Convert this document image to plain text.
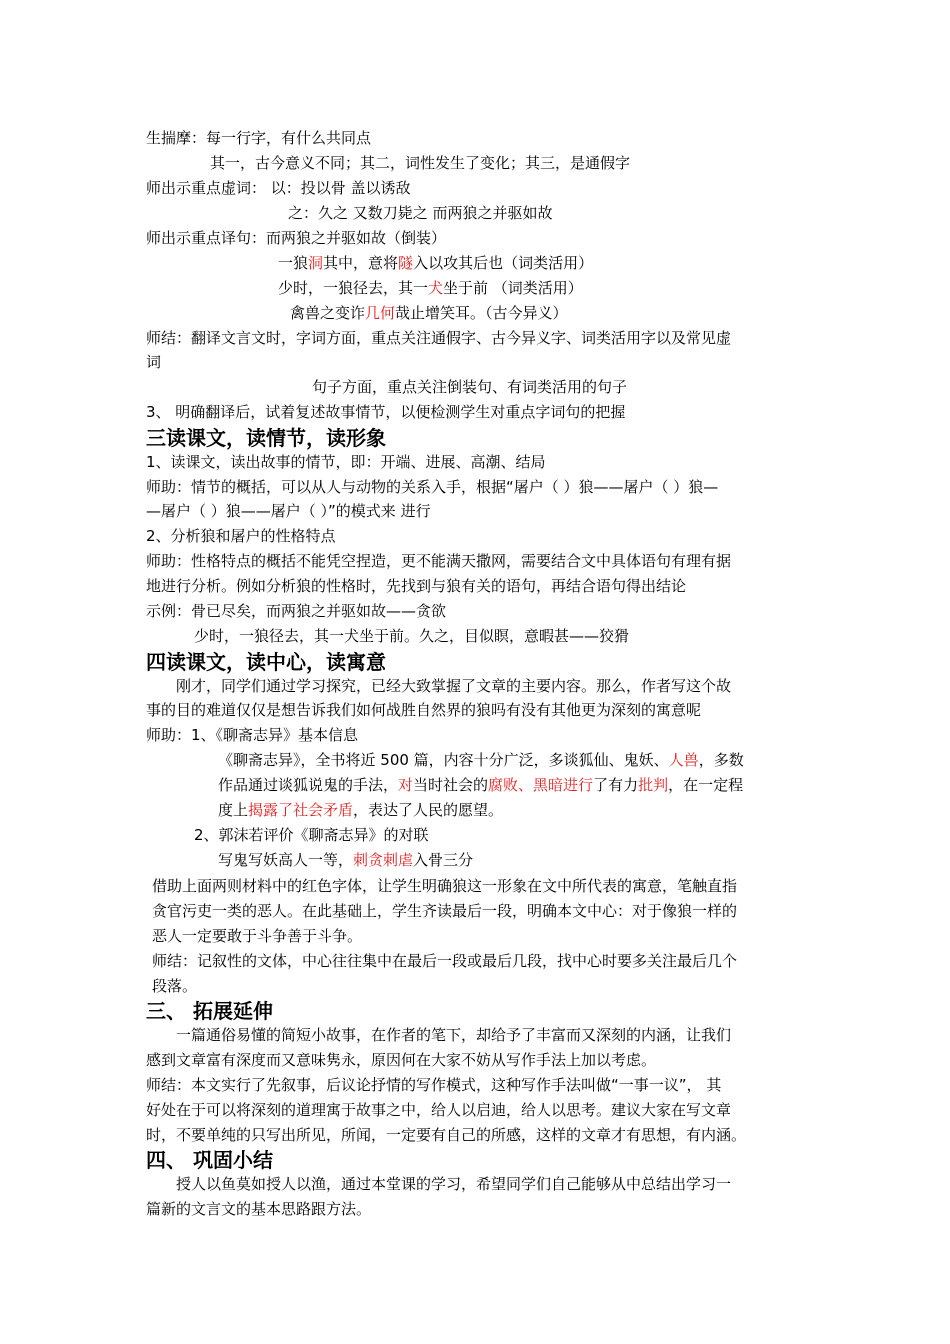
生揣摩：每一行字，有什么共同点
其一，古今意义不同；其二，词性发生了变化；其三，是通假字
师出示重点虚词： 以：投以骨 盖以诱敌
之：久之 又数刀毙之 而两狼之并驱如故
师出示重点译句：而两狼之并驱如故（倒装）
一狼洞其中，意将隧入以攻其后也（词类活用）
少时，一狼径去，其一犬坐于前 （词类活用）
禽兽之变诈几何哉止增笑耳。（古今异义）
师结：翻译文言文时，字词方面，重点关注通假字、古今异义字、词类活用字以及常见虚
词
句子方面，重点关注倒装句、有词类活用的句子
3、 明确翻译后，试着复述故事情节，以便检测学生对重点字词句的把握
三读课文，读情节，读形象
1、读课文，读出故事的情节，即：开端、进展、高潮、结局
师助：情节的概括，可以从人与动物的关系入手，根据“屠户（ ）狼——屠户（ ）狼—
—屠户（ ）狼——屠户（ ）”的模式来 进行
2、分析狼和屠户的性格特点
师助：性格特点的概括不能凭空捏造，更不能满天撒网，需要结合文中具体语句有理有据
地进行分析。例如分析狼的性格时，先找到与狼有关的语句，再结合语句得出结论
示例：骨已尽矣，而两狼之并驱如故——贪欲
少时，一狼径去，其一犬坐于前。久之，目似瞑，意暇甚——狡猾
四读课文，读中心，读寓意
刚才，同学们通过学习探究，已经大致掌握了文章的主要内容。那么，作者写这个故
事的目的难道仅仅是想告诉我们如何战胜自然界的狼吗有没有其他更为深刻的寓意呢
师助：1、《聊斋志异》基本信息
《聊斋志异》，全书将近 500 篇，内容十分广泛，多谈狐仙、鬼妖、人兽，多数
作品通过谈狐说鬼的手法，对当时社会的腐败、黑暗进行了有力批判，在一定程
度上揭露了社会矛盾，表达了人民的愿望。
2、郭沫若评价《聊斋志异》的对联
写鬼写妖高人一等，刺贪刺虐入骨三分
借助上面两则材料中的红色字体，让学生明确狼这一形象在文中所代表的寓意，笔触直指
贪官污吏一类的恶人。在此基础上，学生齐读最后一段，明确本文中心：对于像狼一样的
恶人一定要敢于斗争善于斗争。
师结：记叙性的文体，中心往往集中在最后一段或最后几段，找中心时要多关注最后几个
段落。
三、 拓展延伸
一篇通俗易懂的简短小故事，在作者的笔下，却给予了丰富而又深刻的内涵，让我们
感到文章富有深度而又意味隽永，原因何在大家不妨从写作手法上加以考虑。
师结：本文实行了先叙事，后议论抒情的写作模式，这种写作手法叫做“一事一议”， 其
好处在于可以将深刻的道理寓于故事之中，给人以启迪，给人以思考。建议大家在写文章
时，不要单纯的只写出所见，所闻，一定要有自己的所感，这样的文章才有思想，有内涵。
四、 巩固小结
授人以鱼莫如授人以渔，通过本堂课的学习，希望同学们自己能够从中总结出学习一
篇新的文言文的基本思路跟方法。
